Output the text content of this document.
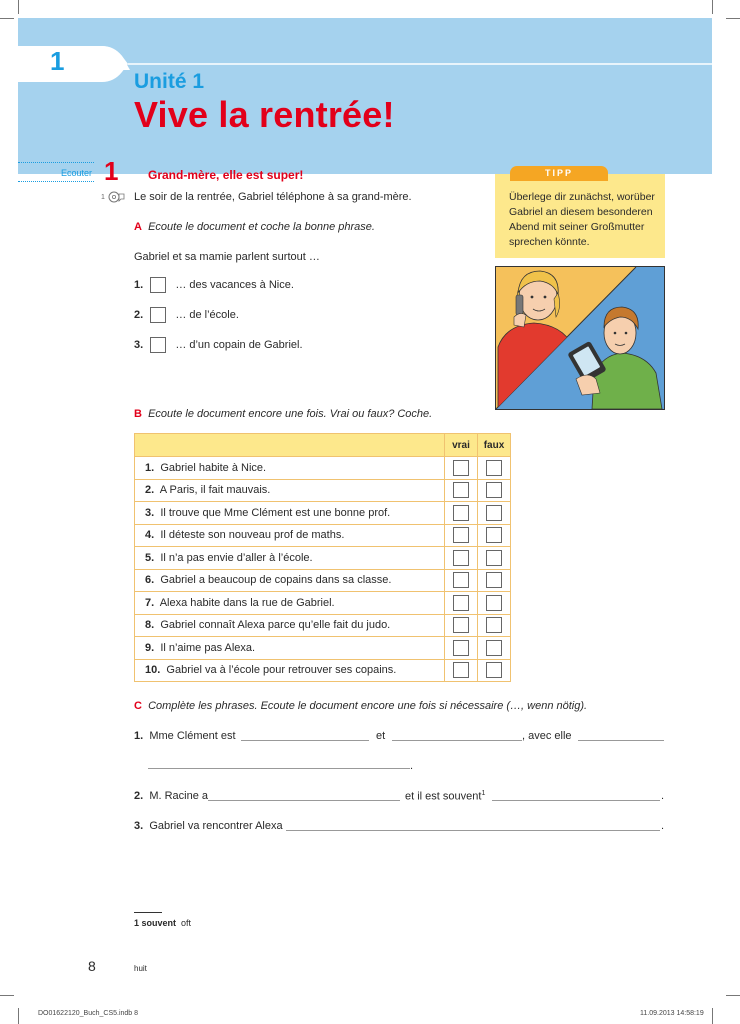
1
Unité 1
Vive la rentrée!
Ecouter 1 Grand-mère, elle est super!
1	Le soir de la rentrée, Gabriel téléphone à sa grand-mère.
A Ecoute le document et coche la bonne phrase.
Gabriel et sa mamie parlent surtout …
1.	… des vacances à Nice.
2.	… de l’école.
3.	… d’un copain de Gabriel.
TIPP
Überlege dir zunächst, worüber Gabriel an diesem besonderen Abend mit seiner Großmutter sprechen könnte.
B Ecoute le document encore une fois. Vrai ou faux? Coche.
	vrai	faux
1. Gabriel habite à Nice.		
2. A Paris, il fait mauvais.		
3. Il trouve que Mme Clément est une bonne prof.		
4. Il déteste son nouveau prof de maths.		
5. Il n’a pas envie d’aller à l’école.		
6. Gabriel a beaucoup de copains dans sa classe.		
7. Alexa habite dans la rue de Gabriel.		
8. Gabriel connaît Alexa parce qu’elle fait du judo.		
9. Il n’aime pas Alexa.		
10. Gabriel va à l’école pour retrouver ses copains.		
C Complète les phrases. Ecoute le document encore une fois si nécessaire (…, wenn nötig).
1. Mme Clément est	et	, avec elle
.
2. M. Racine a	et il est souvent$^1$	.
3. Gabriel va rencontrer Alexa	.
1 souvent oft
8	huit
DO01622120_Buch_CS5.indb 8	11.09.2013 14:58:19
